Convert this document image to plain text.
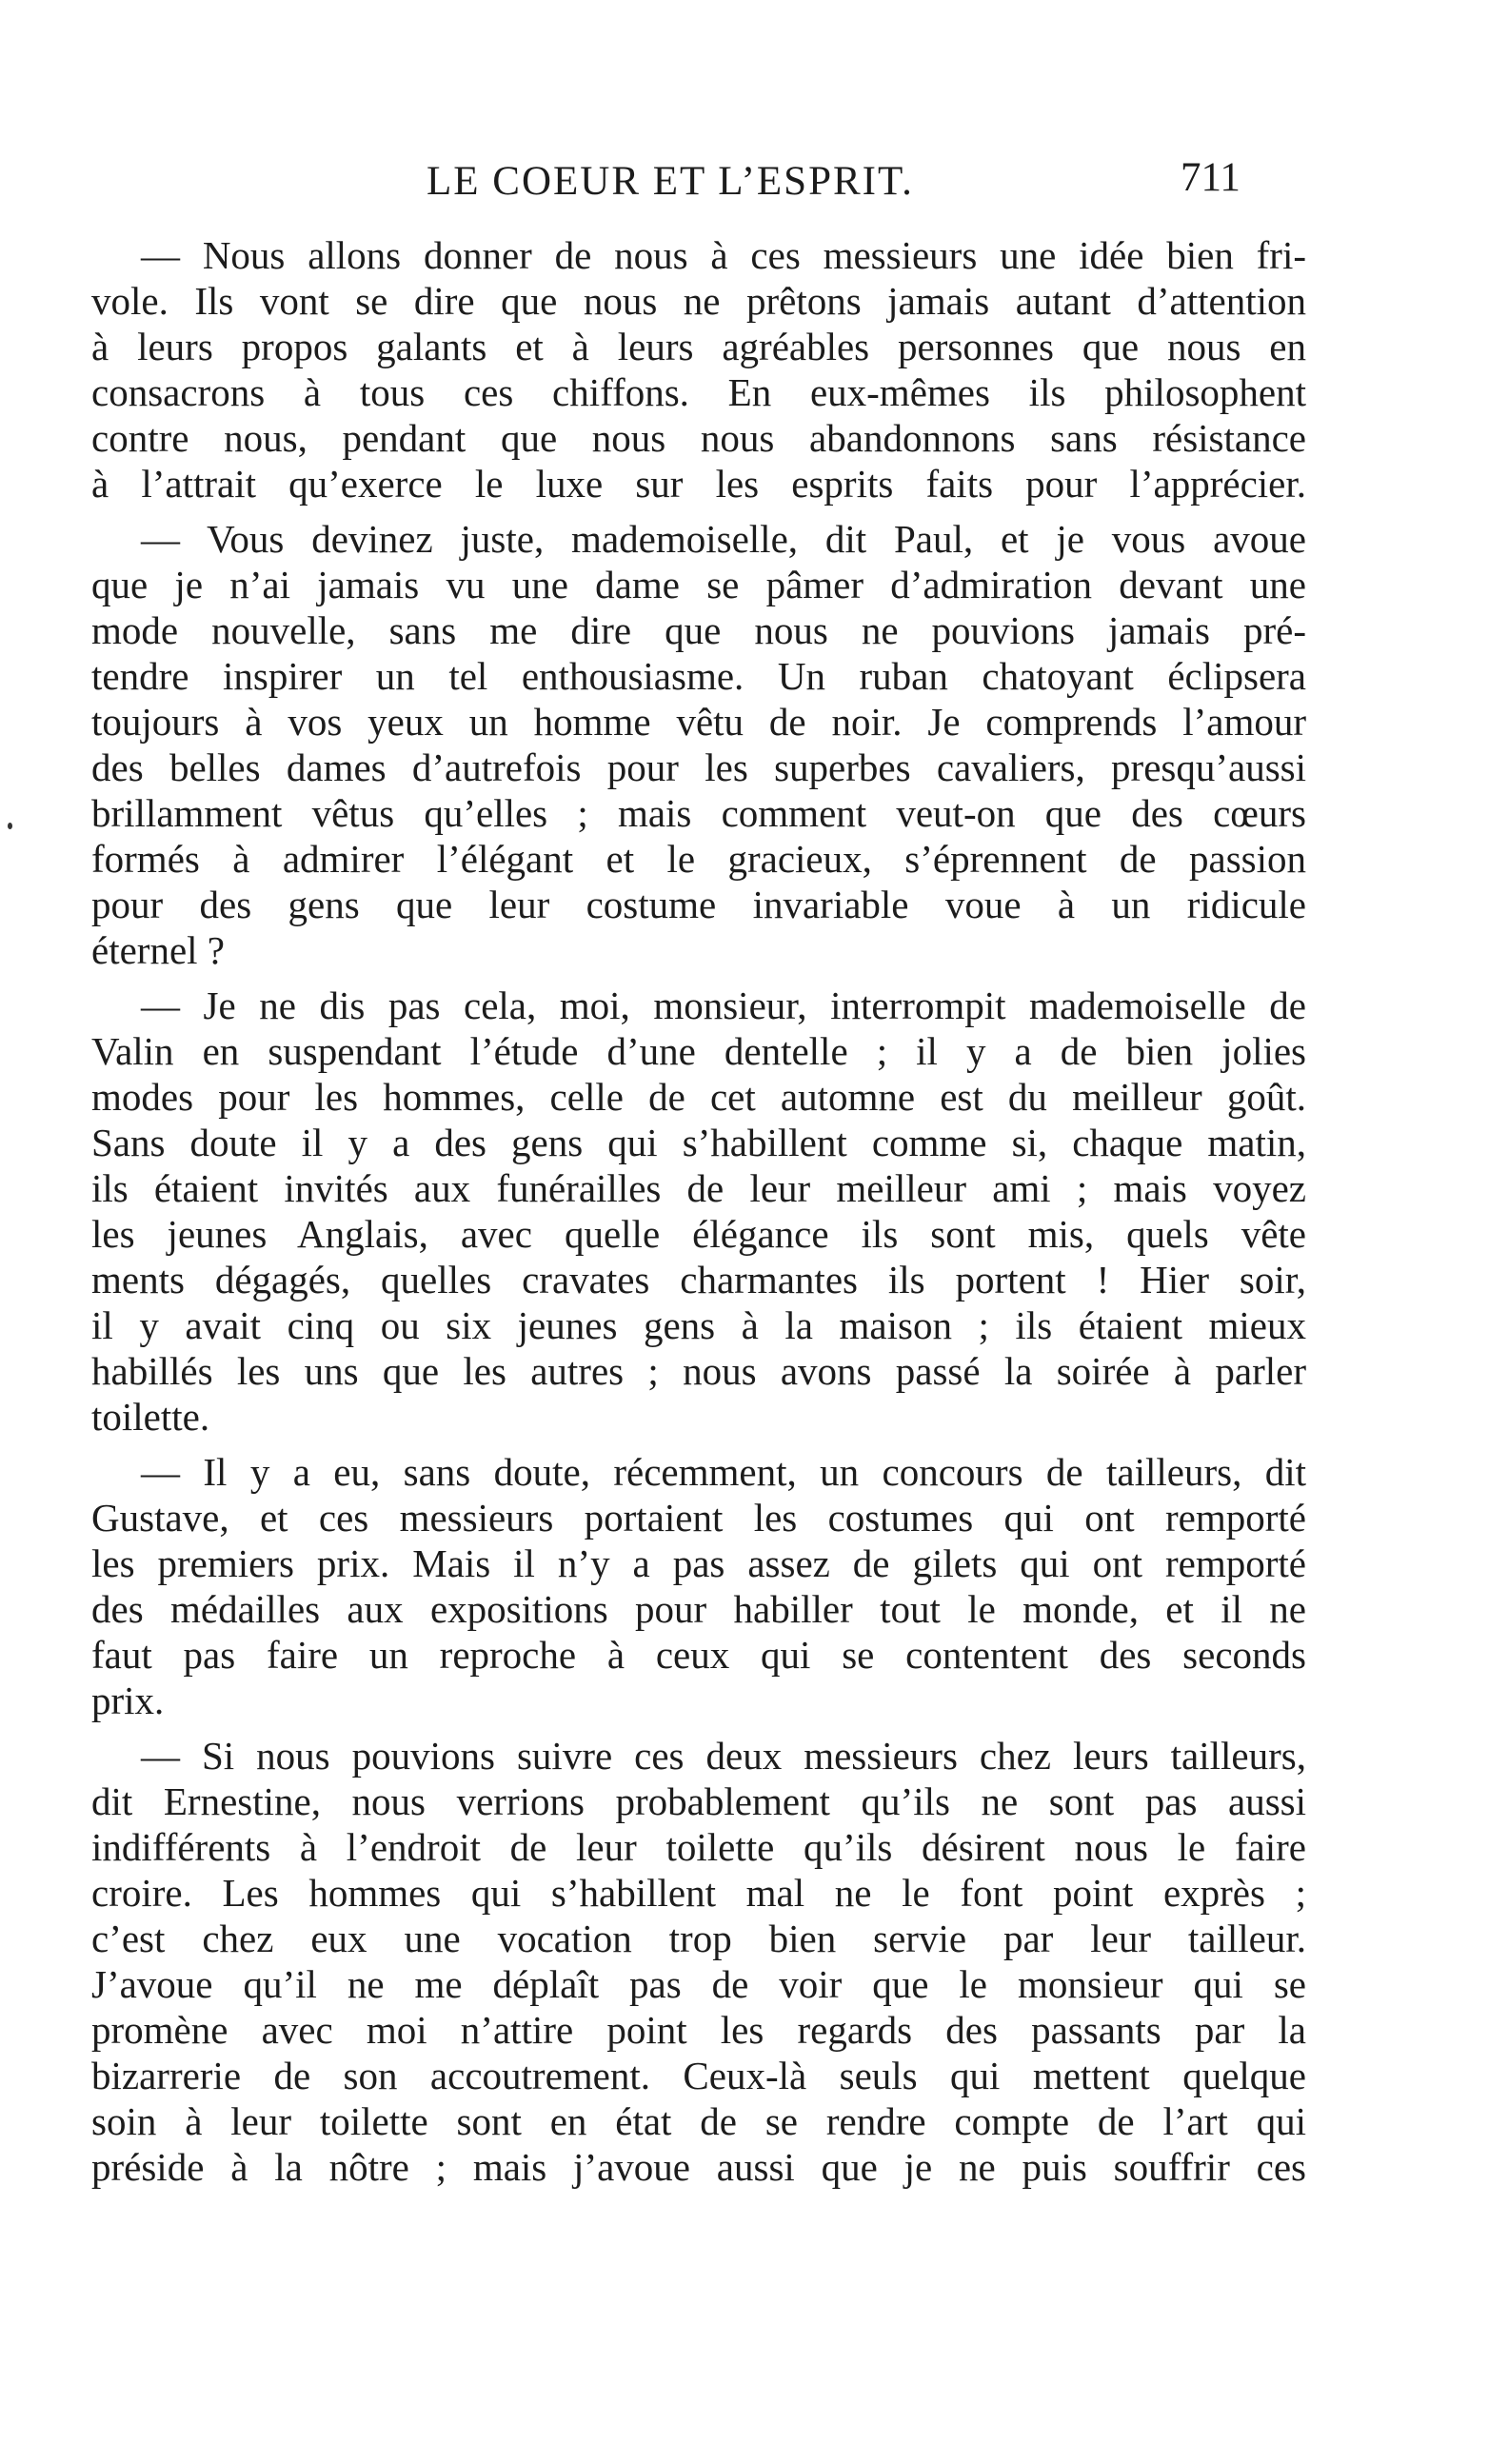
LE COEUR ET L’ESPRIT.	711
— Nous allons donner de nous à ces messieurs une idée bien fri-
vole. Ils vont se dire que nous ne prêtons jamais autant d’attention
à leurs propos galants et à leurs agréables personnes que nous en
consacrons à tous ces chiffons. En eux-mêmes ils philosophent
contre nous, pendant que nous nous abandonnons sans résistance
à l’attrait qu’exerce le luxe sur les esprits faits pour l’apprécier.
— Vous devinez juste, mademoiselle, dit Paul, et je vous avoue
que je n’ai jamais vu une dame se pâmer d’admiration devant une
mode nouvelle, sans me dire que nous ne pouvions jamais pré-
tendre inspirer un tel enthousiasme. Un ruban chatoyant éclipsera
toujours à vos yeux un homme vêtu de noir. Je comprends l’amour
des belles dames d’autrefois pour les superbes cavaliers, presqu’aussi
brillamment vêtus qu’elles ; mais comment veut-on que des cœurs
formés à admirer l’élégant et le gracieux, s’éprennent de passion
pour des gens que leur costume invariable voue à un ridicule
éternel ?
— Je ne dis pas cela, moi, monsieur, interrompit mademoiselle de
Valin en suspendant l’étude d’une dentelle ; il y a de bien jolies
modes pour les hommes, celle de cet automne est du meilleur goût.
Sans doute il y a des gens qui s’habillent comme si, chaque matin,
ils étaient invités aux funérailles de leur meilleur ami ; mais voyez
les jeunes Anglais, avec quelle élégance ils sont mis, quels vête
ments dégagés, quelles cravates charmantes ils portent ! Hier soir,
il y avait cinq ou six jeunes gens à la maison ; ils étaient mieux
habillés les uns que les autres ; nous avons passé la soirée à parler
toilette.
— Il y a eu, sans doute, récemment, un concours de tailleurs, dit
Gustave, et ces messieurs portaient les costumes qui ont remporté
les premiers prix. Mais il n’y a pas assez de gilets qui ont remporté
des médailles aux expositions pour habiller tout le monde, et il ne
faut pas faire un reproche à ceux qui se contentent des seconds
prix.
— Si nous pouvions suivre ces deux messieurs chez leurs tailleurs,
dit Ernestine, nous verrions probablement qu’ils ne sont pas aussi
indifférents à l’endroit de leur toilette qu’ils désirent nous le faire
croire. Les hommes qui s’habillent mal ne le font point exprès ;
c’est chez eux une vocation trop bien servie par leur tailleur.
J’avoue qu’il ne me déplaît pas de voir que le monsieur qui se
promène avec moi n’attire point les regards des passants par la
bizarrerie de son accoutrement. Ceux-là seuls qui mettent quelque
soin à leur toilette sont en état de se rendre compte de l’art qui
préside à la nôtre ; mais j’avoue aussi que je ne puis souffrir ces
